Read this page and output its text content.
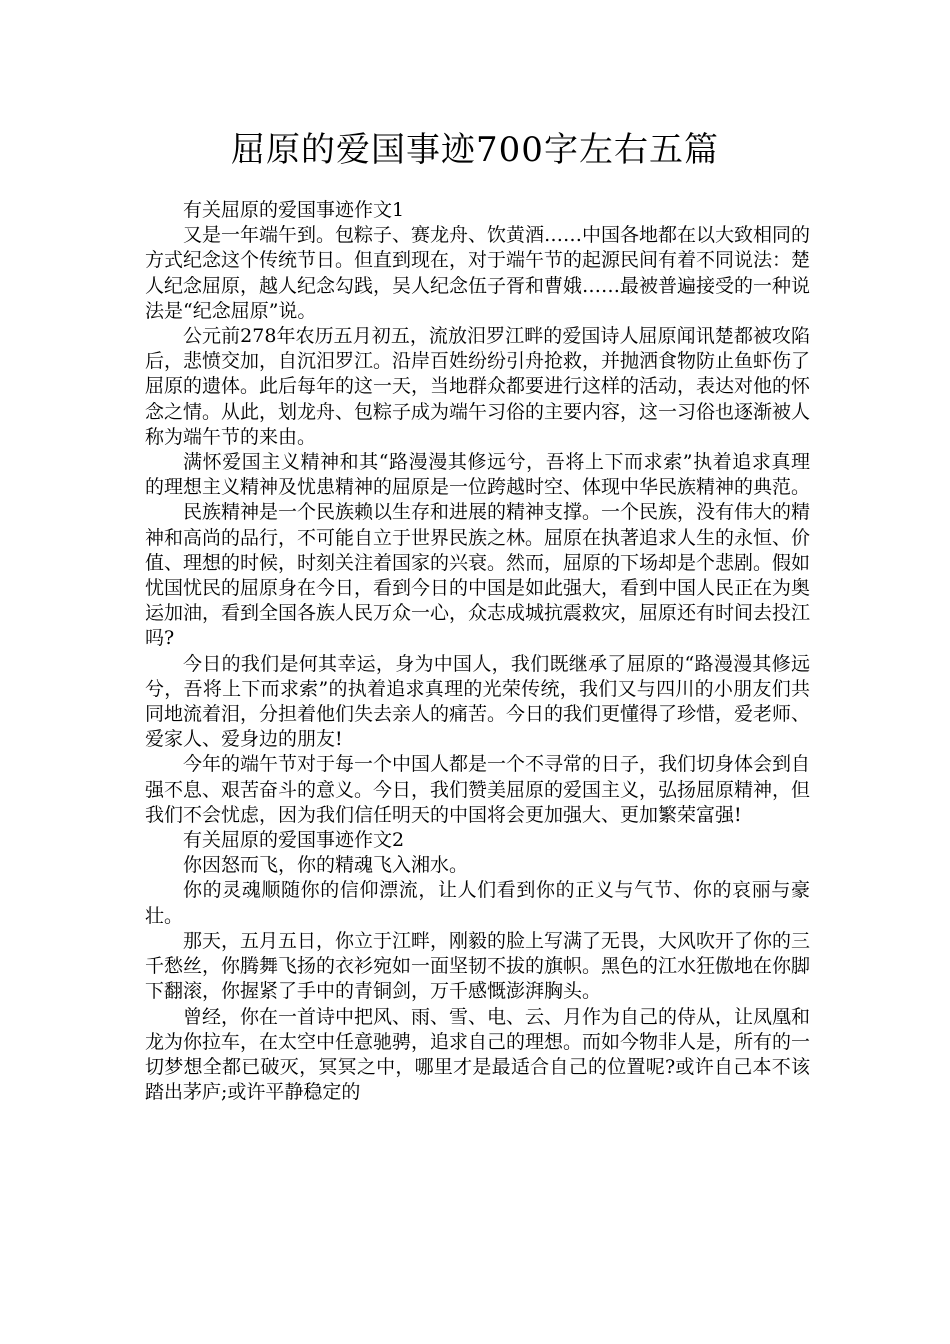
屈原的爱国事迹700字左右五篇

有关屈原的爱国事迹作文1

又是一年端午到。包粽子、赛龙舟、饮黄酒……中国各地都在以大致相同的方式纪念这个传统节日。但直到现在，对于端午节的起源民间有着不同说法：楚人纪念屈原，越人纪念勾践，吴人纪念伍子胥和曹娥……最被普遍接受的一种说法是“纪念屈原”说。

公元前278年农历五月初五，流放汨罗江畔的爱国诗人屈原闻讯楚都被攻陷后，悲愤交加，自沉汨罗江。沿岸百姓纷纷引舟抢救，并抛洒食物防止鱼虾伤了屈原的遗体。此后每年的这一天，当地群众都要进行这样的活动，表达对他的怀念之情。从此，划龙舟、包粽子成为端午习俗的主要内容，这一习俗也逐渐被人称为端午节的来由。

满怀爱国主义精神和其“路漫漫其修远兮，吾将上下而求索”执着追求真理的理想主义精神及忧患精神的屈原是一位跨越时空、体现中华民族精神的典范。

民族精神是一个民族赖以生存和进展的精神支撑。一个民族，没有伟大的精神和高尚的品行，不可能自立于世界民族之林。屈原在执著追求人生的永恒、价值、理想的时候，时刻关注着国家的兴衰。然而，屈原的下场却是个悲剧。假如忧国忧民的屈原身在今日，看到今日的中国是如此强大，看到中国人民正在为奥运加油，看到全国各族人民万众一心，众志成城抗震救灾，屈原还有时间去投江吗?

今日的我们是何其幸运，身为中国人，我们既继承了屈原的“路漫漫其修远兮，吾将上下而求索”的执着追求真理的光荣传统，我们又与四川的小朋友们共同地流着泪，分担着他们失去亲人的痛苦。今日的我们更懂得了珍惜，爱老师、爱家人、爱身边的朋友!

今年的端午节对于每一个中国人都是一个不寻常的日子，我们切身体会到自强不息、艰苦奋斗的意义。今日，我们赞美屈原的爱国主义，弘扬屈原精神，但我们不会忧虑，因为我们信任明天的中国将会更加强大、更加繁荣富强!

有关屈原的爱国事迹作文2

你因怒而飞，你的精魂飞入湘水。

你的灵魂顺随你的信仰漂流，让人们看到你的正义与气节、你的哀丽与豪壮。

那天，五月五日，你立于江畔，刚毅的脸上写满了无畏，大风吹开了你的三千愁丝，你腾舞飞扬的衣衫宛如一面坚韧不拔的旗帜。黑色的江水狂傲地在你脚下翻滚，你握紧了手中的青铜剑，万千感慨澎湃胸头。

曾经，你在一首诗中把风、雨、雪、电、云、月作为自己的侍从，让凤凰和龙为你拉车，在太空中任意驰骋，追求自己的理想。而如今物非人是，所有的一切梦想全都已破灭，冥冥之中，哪里才是最适合自己的位置呢?或许自己本不该踏出茅庐;或许平静稳定的
